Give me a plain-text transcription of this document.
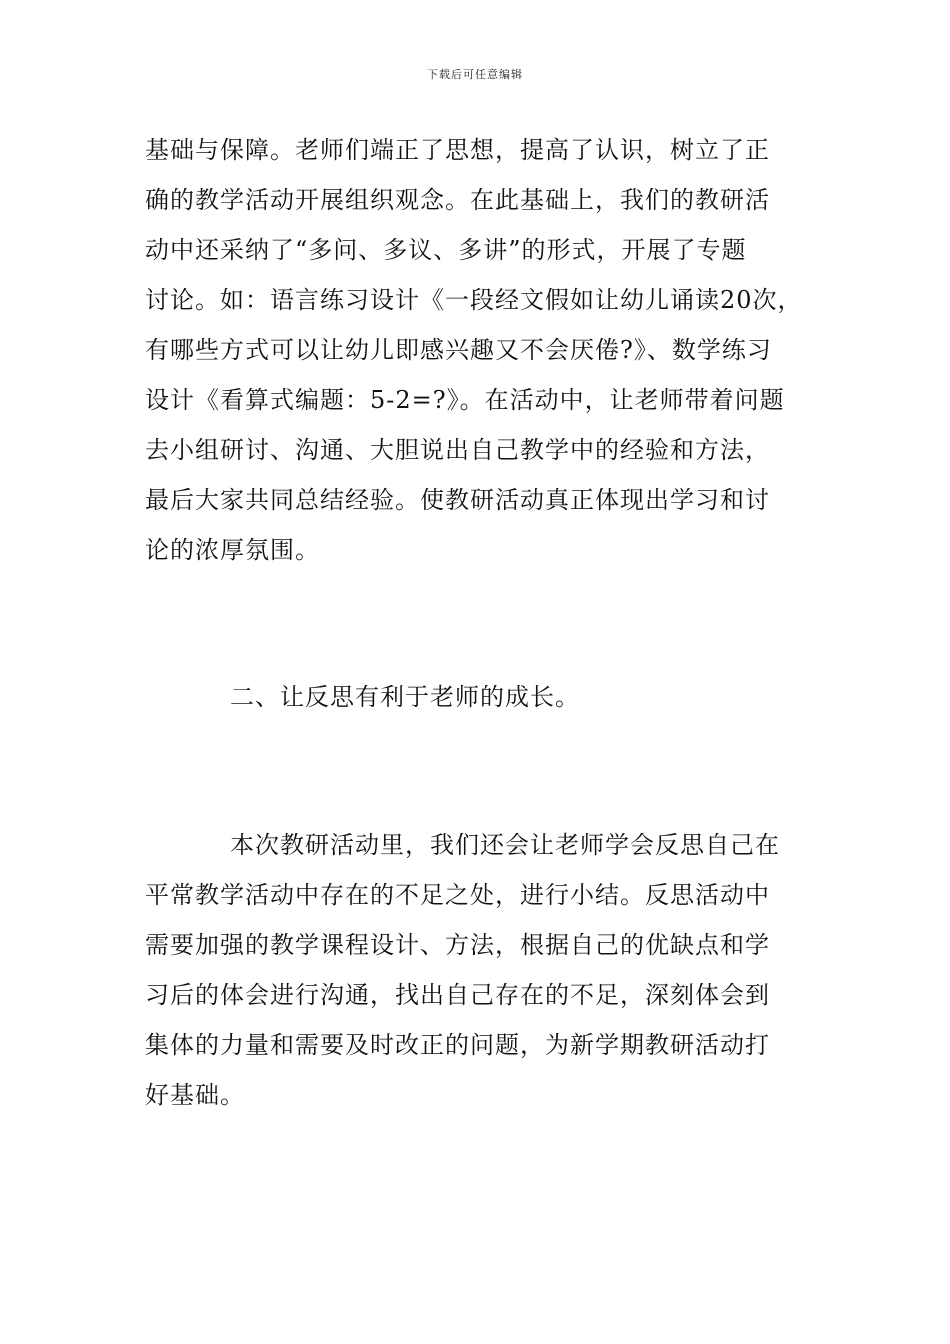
下载后可任意编辑
基础与保障。老师们端正了思想，提高了认识，树立了正
确的教学活动开展组织观念。在此基础上，我们的教研活
动中还采纳了“多问、多议、多讲”的形式，开展了专题
讨论。如：语言练习设计《一段经文假如让幼儿诵读20次，
有哪些方式可以让幼儿即感兴趣又不会厌倦?》、数学练习
设计《看算式编题：5-2=?》。在活动中，让老师带着问题
去小组研讨、沟通、大胆说出自己教学中的经验和方法，
最后大家共同总结经验。使教研活动真正体现出学习和讨
论的浓厚氛围。
二、让反思有利于老师的成长。
本次教研活动里，我们还会让老师学会反思自己在
平常教学活动中存在的不足之处，进行小结。反思活动中
需要加强的教学课程设计、方法，根据自己的优缺点和学
习后的体会进行沟通，找出自己存在的不足，深刻体会到
集体的力量和需要及时改正的问题，为新学期教研活动打
好基础。
